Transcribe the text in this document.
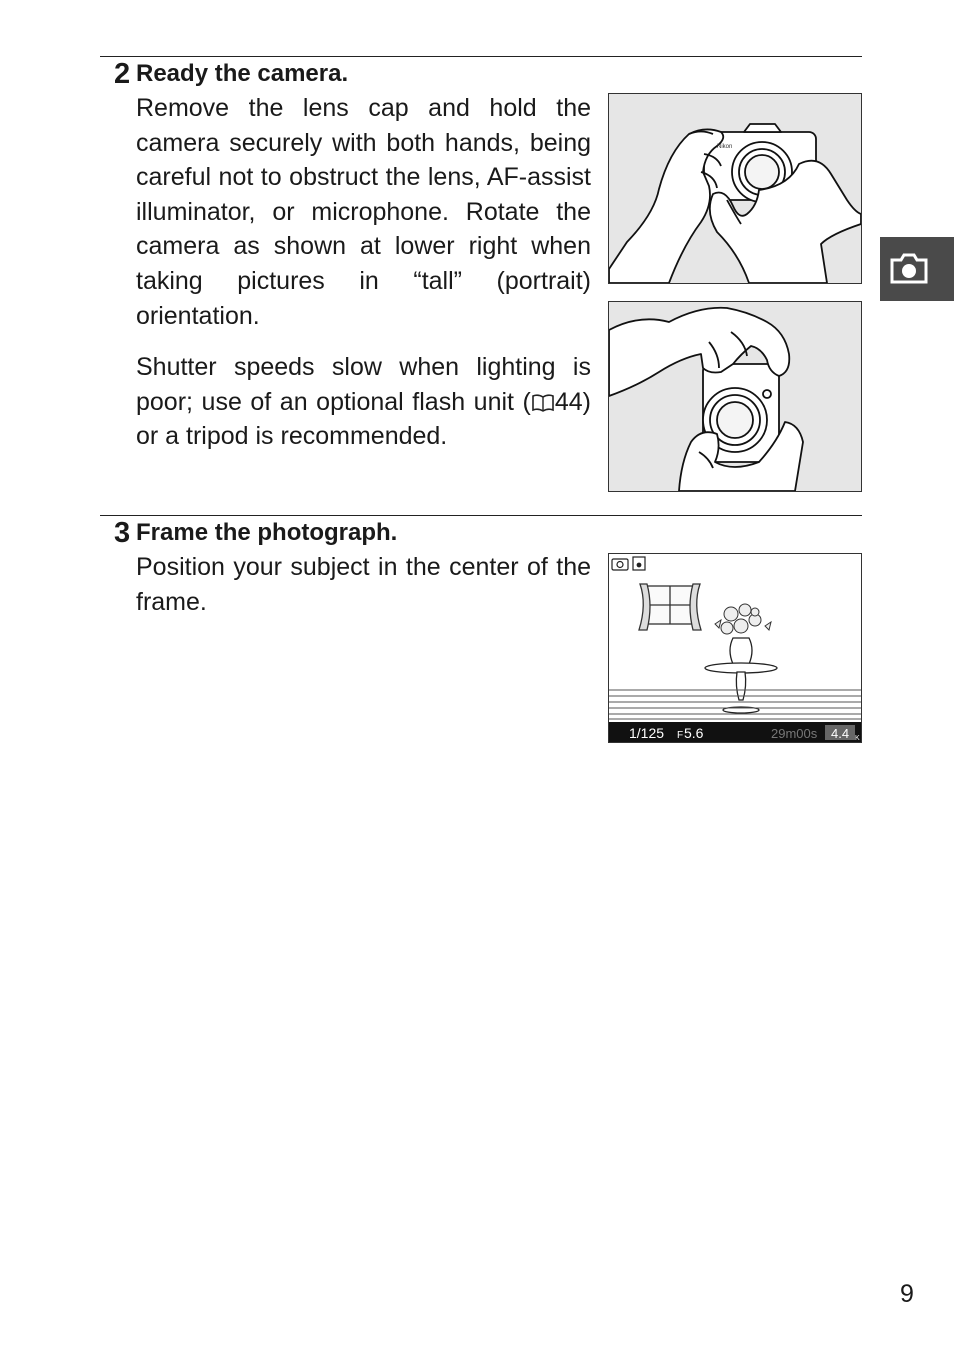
2 Ready the camera.
Remove the lens cap and hold the camera securely with both hands, being careful not to obstruct the lens, AF-assist illuminator, or microphone. Rotate the camera as shown at lower right when taking pictures in “tall” (portrait) orientation.
Shutter speeds slow when lighting is poor; use of an optional flash unit ( 44) or a tripod is recommended.
Nikon
3 Frame the photograph.
Position your subject in the center of the frame.
1/125 F 5.6	29m00s 4.4 K
9
